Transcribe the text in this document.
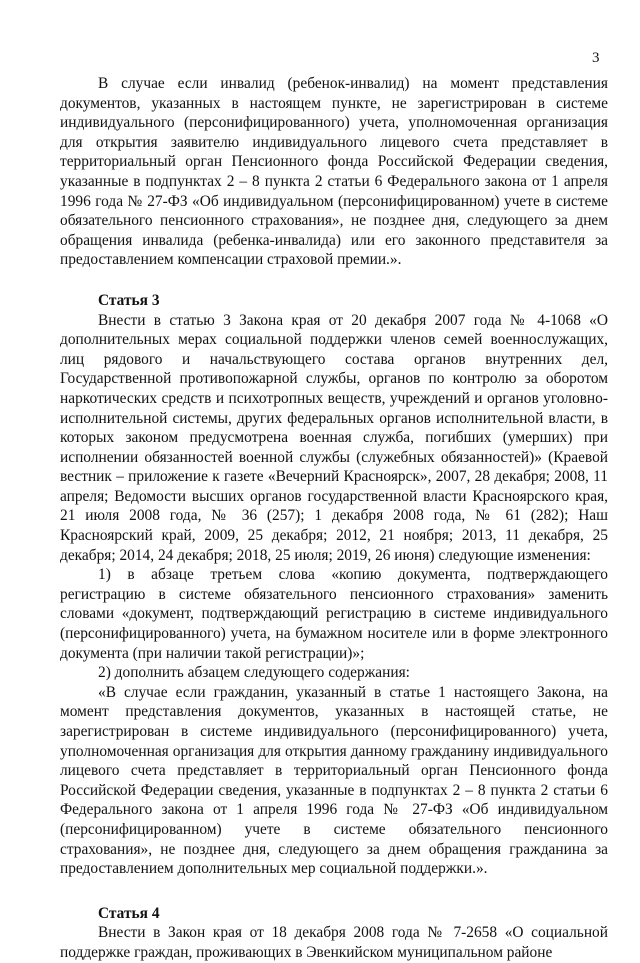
3

В случае если инвалид (ребенок-инвалид) на момент представления документов, указанных в настоящем пункте, не зарегистрирован в системе индивидуального (персонифицированного) учета, уполномоченная организация для открытия заявителю индивидуального лицевого счета представляет в территориальный орган Пенсионного фонда Российской Федерации сведения, указанные в подпунктах 2 – 8 пункта 2 статьи 6 Федерального закона от 1 апреля 1996 года № 27-ФЗ «Об индивидуальном (персонифицированном) учете в системе обязательного пенсионного страхования», не позднее дня, следующего за днем обращения инвалида (ребенка-инвалида) или его законного представителя за предоставлением компенсации страховой премии.».

Статья 3

Внести в статью 3 Закона края от 20 декабря 2007 года № 4-1068 «О дополнительных мерах социальной поддержки членов семей военнослужащих, лиц рядового и начальствующего состава органов внутренних дел, Государственной противопожарной службы, органов по контролю за оборотом наркотических средств и психотропных веществ, учреждений и органов уголовно-исполнительной системы, других федеральных органов исполнительной власти, в которых законом предусмотрена военная служба, погибших (умерших) при исполнении обязанностей военной службы (служебных обязанностей)» (Краевой вестник – приложение к газете «Вечерний Красноярск», 2007, 28 декабря; 2008, 11 апреля; Ведомости высших органов государственной власти Красноярского края, 21 июля 2008 года, № 36 (257); 1 декабря 2008 года, № 61 (282); Наш Красноярский край, 2009, 25 декабря; 2012, 21 ноября; 2013, 11 декабря, 25 декабря; 2014, 24 декабря; 2018, 25 июля; 2019, 26 июня) следующие изменения:

1) в абзаце третьем слова «копию документа, подтверждающего регистрацию в системе обязательного пенсионного страхования» заменить словами «документ, подтверждающий регистрацию в системе индивидуального (персонифицированного) учета, на бумажном носителе или в форме электронного документа (при наличии такой регистрации)»;

2) дополнить абзацем следующего содержания:

«В случае если гражданин, указанный в статье 1 настоящего Закона, на момент представления документов, указанных в настоящей статье, не зарегистрирован в системе индивидуального (персонифицированного) учета, уполномоченная организация для открытия данному гражданину индивидуального лицевого счета представляет в территориальный орган Пенсионного фонда Российской Федерации сведения, указанные в подпунктах 2 – 8 пункта 2 статьи 6 Федерального закона от 1 апреля 1996 года № 27-ФЗ «Об индивидуальном (персонифицированном) учете в системе обязательного пенсионного страхования», не позднее дня, следующего за днем обращения гражданина за предоставлением дополнительных мер социальной поддержки.».

Статья 4

Внести в Закон края от 18 декабря 2008 года № 7-2658 «О социальной поддержке граждан, проживающих в Эвенкийском муниципальном районе
